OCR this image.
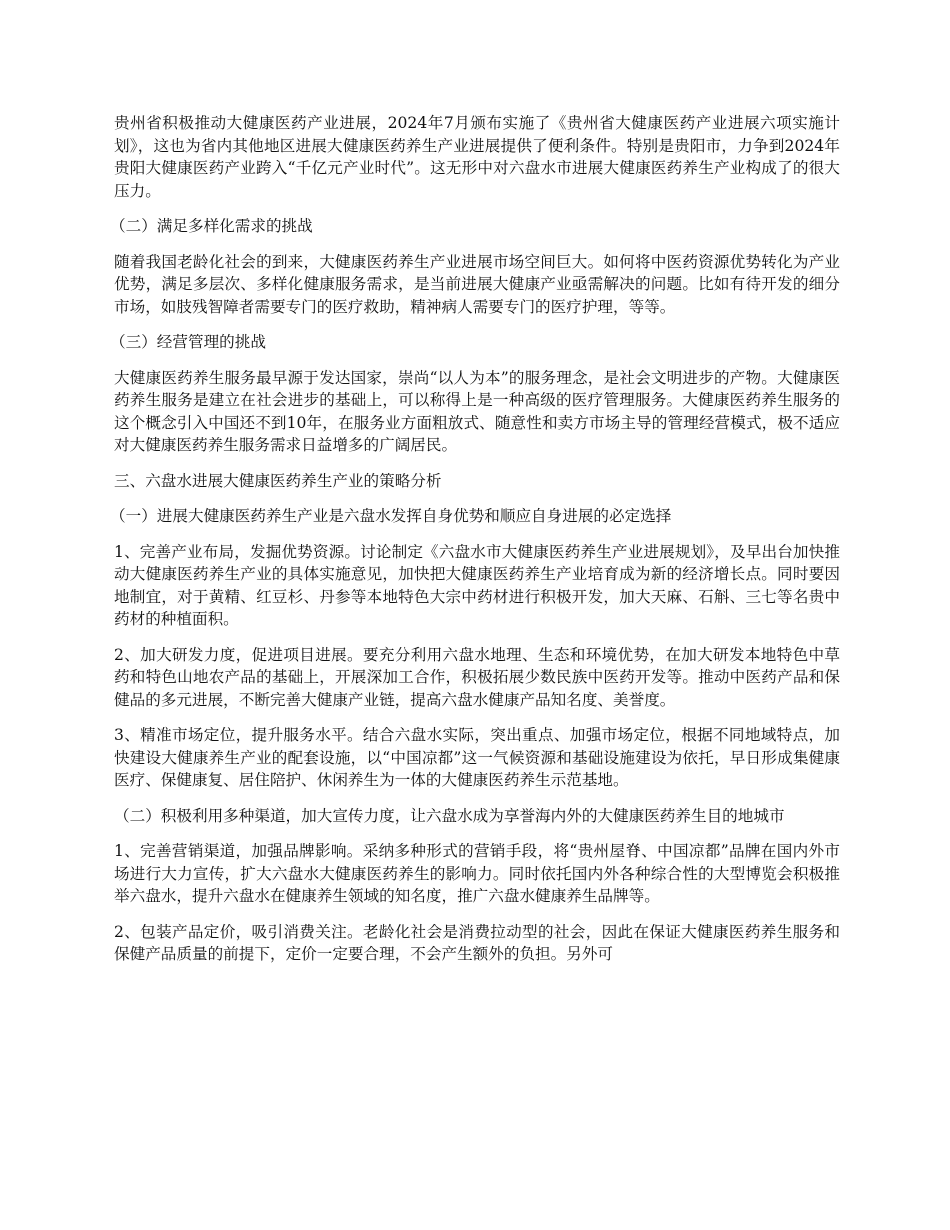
贵州省积极推动大健康医药产业进展，2024年7月颁布实施了《贵州省大健康医药产业进展六项实施计划》，这也为省内其他地区进展大健康医药养生产业进展提供了便利条件。特别是贵阳市，力争到2024年贵阳大健康医药产业跨入“千亿元产业时代”。这无形中对六盘水市进展大健康医药养生产业构成了的很大压力。

（二）满足多样化需求的挑战

随着我国老龄化社会的到来，大健康医药养生产业进展市场空间巨大。如何将中医药资源优势转化为产业优势，满足多层次、多样化健康服务需求，是当前进展大健康产业亟需解决的问题。比如有待开发的细分市场，如肢残智障者需要专门的医疗救助，精神病人需要专门的医疗护理，等等。

（三）经营管理的挑战

大健康医药养生服务最早源于发达国家，崇尚“以人为本”的服务理念，是社会文明进步的产物。大健康医药养生服务是建立在社会进步的基础上，可以称得上是一种高级的医疗管理服务。大健康医药养生服务的这个概念引入中国还不到10年，在服务业方面粗放式、随意性和卖方市场主导的管理经营模式，极不适应对大健康医药养生服务需求日益增多的广阔居民。

三、六盘水进展大健康医药养生产业的策略分析

（一）进展大健康医药养生产业是六盘水发挥自身优势和顺应自身进展的必定选择

1、完善产业布局，发掘优势资源。讨论制定《六盘水市大健康医药养生产业进展规划》，及早出台加快推动大健康医药养生产业的具体实施意见，加快把大健康医药养生产业培育成为新的经济增长点。同时要因地制宜，对于黄精、红豆杉、丹参等本地特色大宗中药材进行积极开发，加大天麻、石斛、三七等名贵中药材的种植面积。

2、加大研发力度，促进项目进展。要充分利用六盘水地理、生态和环境优势，在加大研发本地特色中草药和特色山地农产品的基础上，开展深加工合作，积极拓展少数民族中医药开发等。推动中医药产品和保健品的多元进展，不断完善大健康产业链，提高六盘水健康产品知名度、美誉度。

3、精准市场定位，提升服务水平。结合六盘水实际，突出重点、加强市场定位，根据不同地域特点，加快建设大健康养生产业的配套设施，以“中国凉都”这一气候资源和基础设施建设为依托，早日形成集健康医疗、保健康复、居住陪护、休闲养生为一体的大健康医药养生示范基地。

（二）积极利用多种渠道，加大宣传力度，让六盘水成为享誉海内外的大健康医药养生目的地城市

1、完善营销渠道，加强品牌影响。采纳多种形式的营销手段，将“贵州屋脊、中国凉都”品牌在国内外市场进行大力宣传，扩大六盘水大健康医药养生的影响力。同时依托国内外各种综合性的大型博览会积极推举六盘水，提升六盘水在健康养生领域的知名度，推广六盘水健康养生品牌等。

2、包装产品定价，吸引消费关注。老龄化社会是消费拉动型的社会，因此在保证大健康医药养生服务和保健产品质量的前提下，定价一定要合理，不会产生额外的负担。另外可
